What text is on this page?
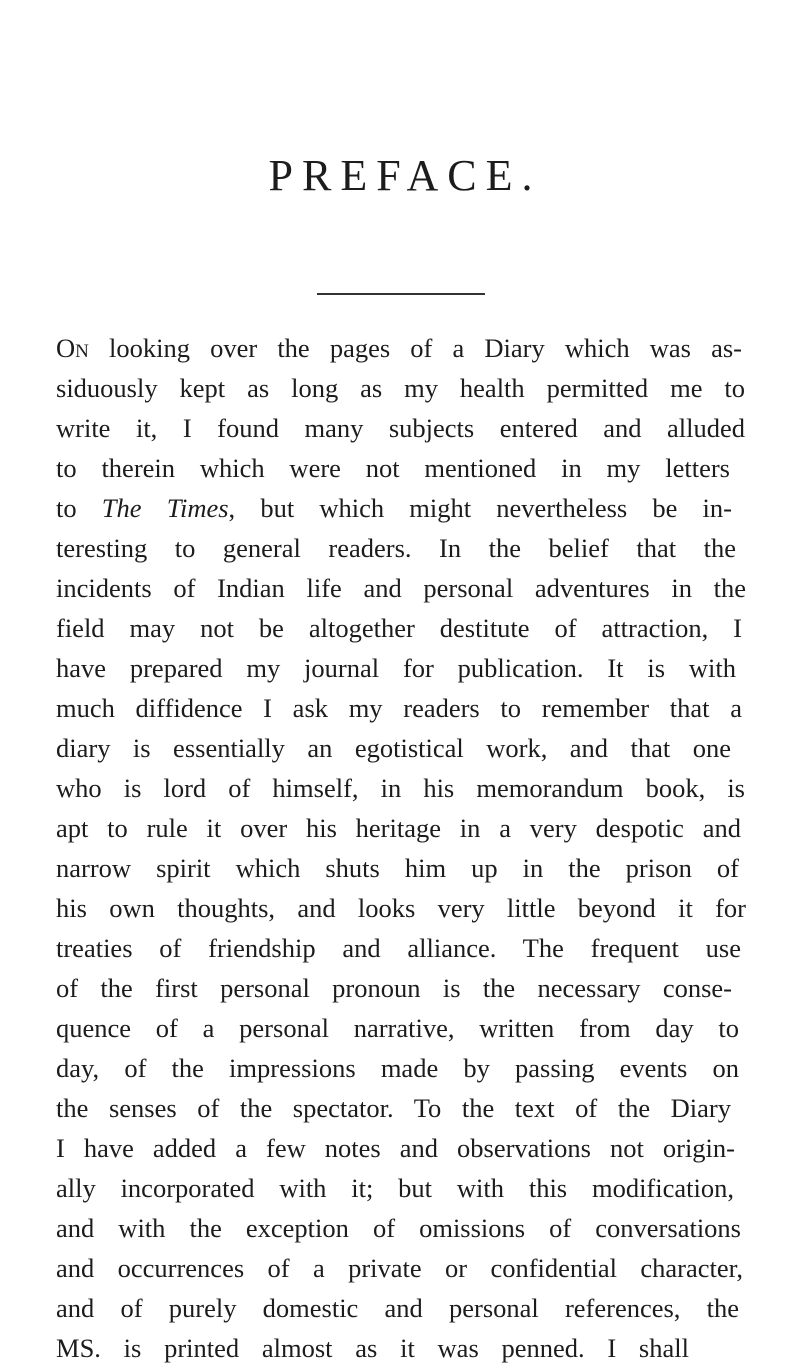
PREFACE.
On looking over the pages of a Diary which was as-
siduously kept as long as my health permitted me to
write it, I found many subjects entered and alluded
to therein which were not mentioned in my letters
to The Times, but which might nevertheless be in-
teresting to general readers. In the belief that the
incidents of Indian life and personal adventures in the
field may not be altogether destitute of attraction, I
have prepared my journal for publication. It is with
much diffidence I ask my readers to remember that a
diary is essentially an egotistical work, and that one
who is lord of himself, in his memorandum book, is
apt to rule it over his heritage in a very despotic and
narrow spirit which shuts him up in the prison of
his own thoughts, and looks very little beyond it for
treaties of friendship and alliance. The frequent use
of the first personal pronoun is the necessary conse-
quence of a personal narrative, written from day to
day, of the impressions made by passing events on
the senses of the spectator. To the text of the Diary
I have added a few notes and observations not origin-
ally incorporated with it; but with this modification,
and with the exception of omissions of conversations
and occurrences of a private or confidential character,
and of purely domestic and personal references, the
MS. is printed almost as it was penned. I shall
